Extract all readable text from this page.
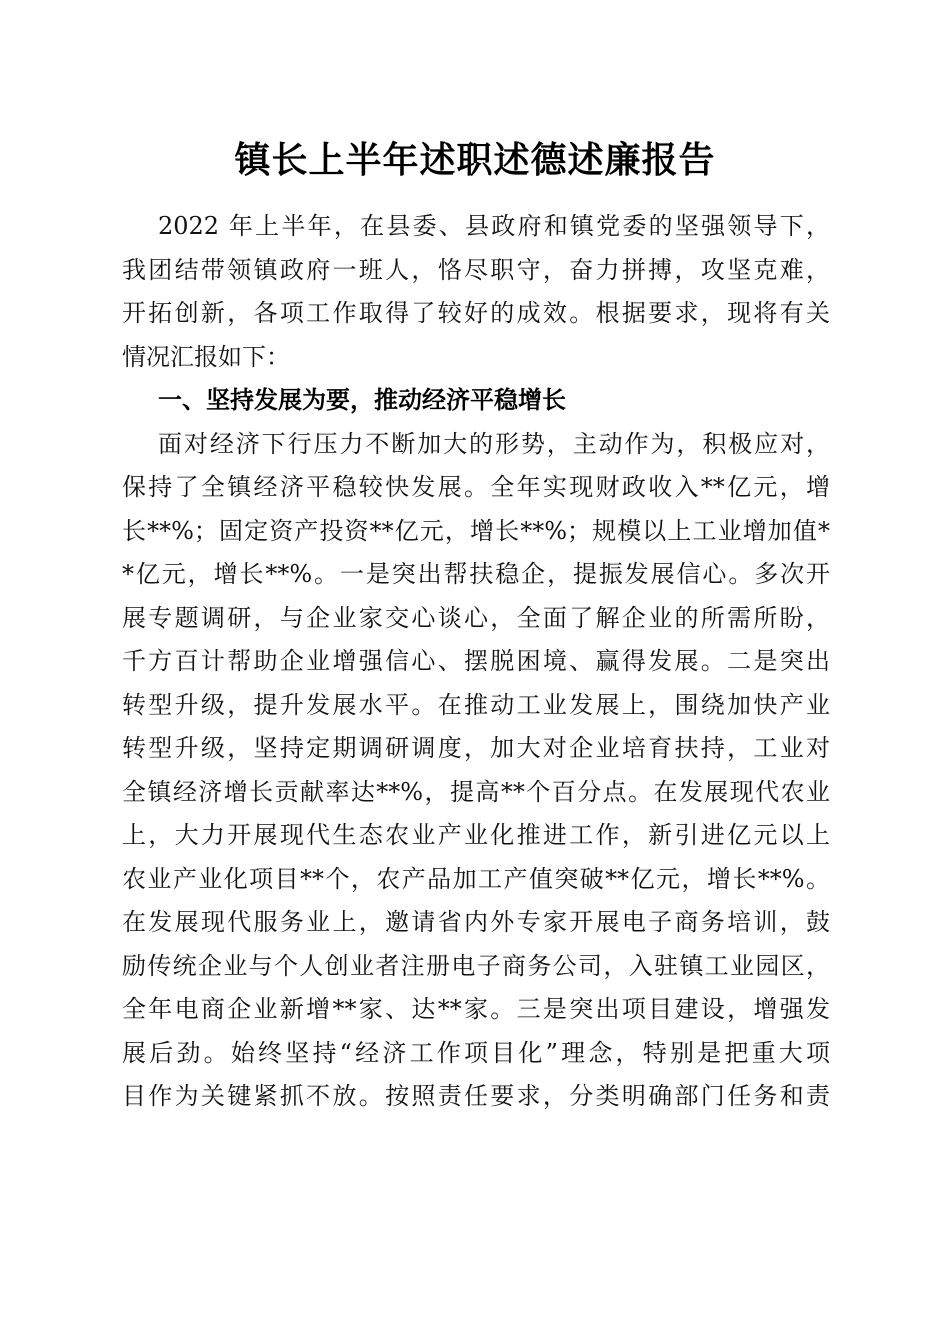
镇长上半年述职述德述廉报告
2022 年上半年，在县委、县政府和镇党委的坚强领导下，
我团结带领镇政府一班人，恪尽职守，奋力拼搏，攻坚克难，
开拓创新，各项工作取得了较好的成效。根据要求，现将有关
情况汇报如下：
一、坚持发展为要，推动经济平稳增长
面对经济下行压力不断加大的形势，主动作为，积极应对，
保持了全镇经济平稳较快发展。全年实现财政收入**亿元，增
长**%；固定资产投资**亿元，增长**%；规模以上工业增加值*
*亿元，增长**%。一是突出帮扶稳企，提振发展信心。多次开
展专题调研，与企业家交心谈心，全面了解企业的所需所盼，
千方百计帮助企业增强信心、摆脱困境、赢得发展。二是突出
转型升级，提升发展水平。在推动工业发展上，围绕加快产业
转型升级，坚持定期调研调度，加大对企业培育扶持，工业对
全镇经济增长贡献率达**%，提高**个百分点。在发展现代农业
上，大力开展现代生态农业产业化推进工作，新引进亿元以上
农业产业化项目**个，农产品加工产值突破**亿元，增长**%。
在发展现代服务业上，邀请省内外专家开展电子商务培训，鼓
励传统企业与个人创业者注册电子商务公司，入驻镇工业园区，
全年电商企业新增**家、达**家。三是突出项目建设，增强发
展后劲。始终坚持“经济工作项目化”理念，特别是把重大项
目作为关键紧抓不放。按照责任要求，分类明确部门任务和责
